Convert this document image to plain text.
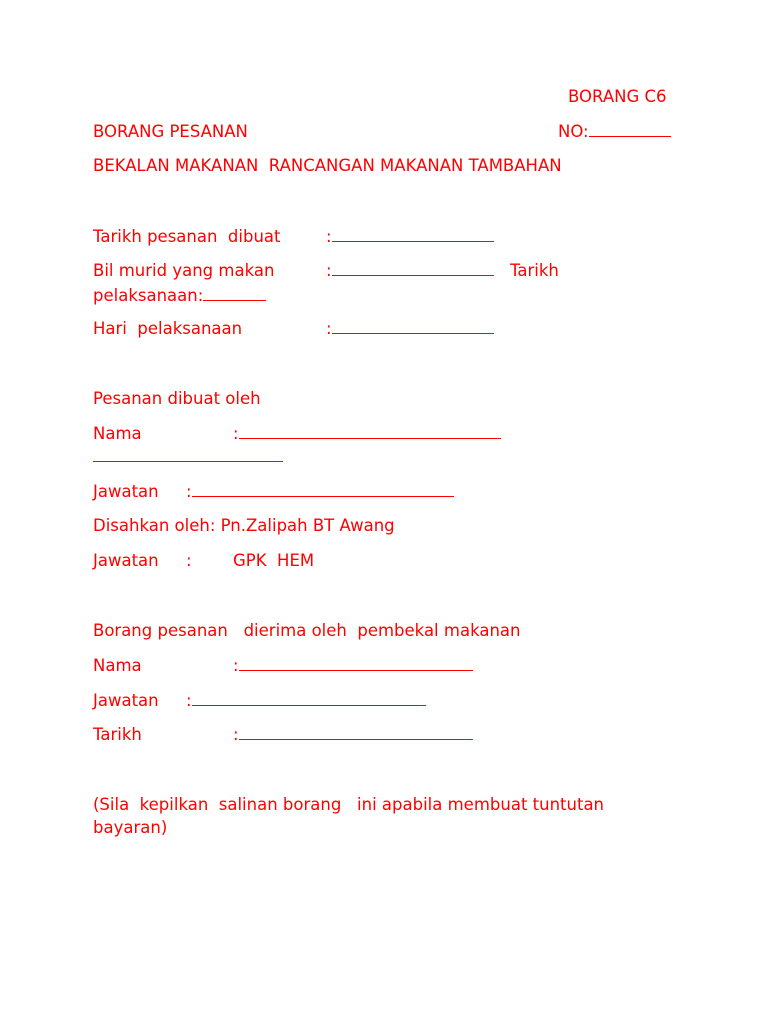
BORANG C6
BORANG PESANAN	NO:
BEKALAN MAKANAN  RANCANGAN MAKANAN TAMBAHAN
Tarikh pesanan  dibuat	:
Bil murid yang makan	:	Tarikh
pelaksanaan:
Hari  pelaksanaan	:
Pesanan dibuat oleh
Nama	:
Jawatan :
Disahkan oleh: Pn.Zalipah BT Awang
Jawatan :	GPK  HEM
Borang pesanan   dierima oleh  pembekal makanan
Nama	:
Jawatan :
Tarikh	:
(Sila  kepilkan  salinan borang   ini apabila membuat tuntutan
bayaran)
